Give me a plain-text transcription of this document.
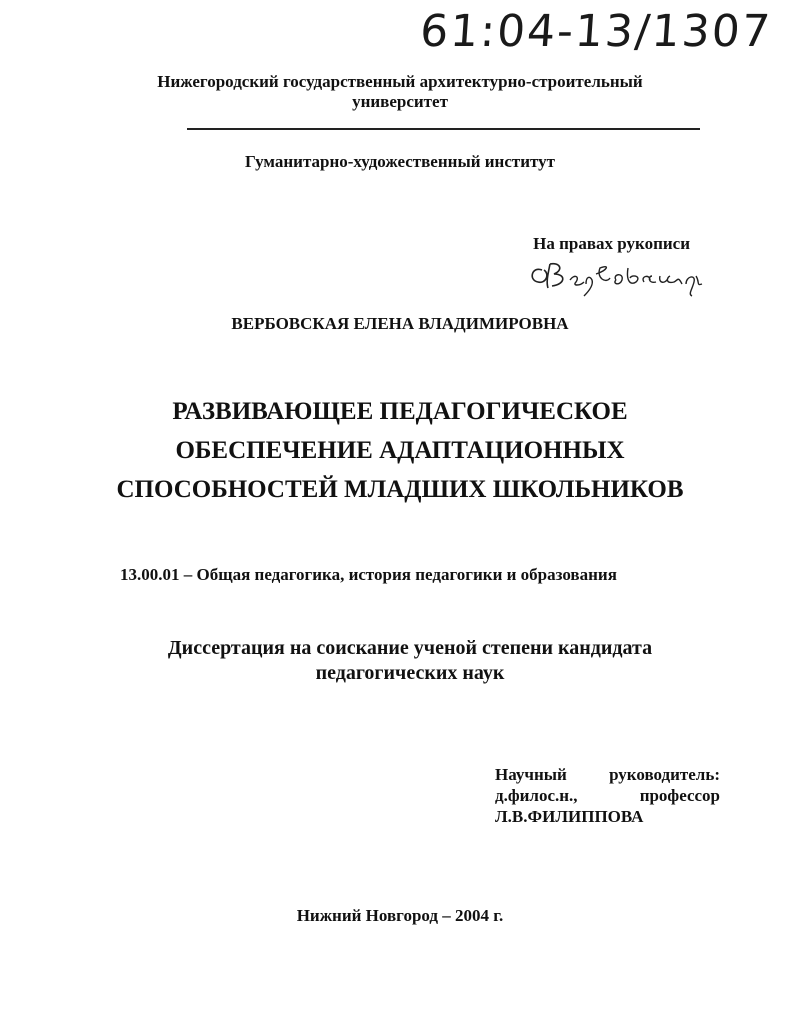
61:04-13/1307
Нижегородский государственный архитектурно-строительный университет
Гуманитарно-художественный институт
На правах рукописи
ВЕРБОВСКАЯ ЕЛЕНА ВЛАДИМИРОВНА
РАЗВИВАЮЩЕЕ ПЕДАГОГИЧЕСКОЕ
ОБЕСПЕЧЕНИЕ АДАПТАЦИОННЫХ
СПОСОБНОСТЕЙ МЛАДШИХ ШКОЛЬНИКОВ
13.00.01 – Общая педагогика, история педагогики и образования
Диссертация на соискание ученой степени кандидата
педагогических наук
Научный руководитель:
д.филос.н.,	профессор
Л.В.ФИЛИППОВА
Нижний Новгород – 2004 г.
